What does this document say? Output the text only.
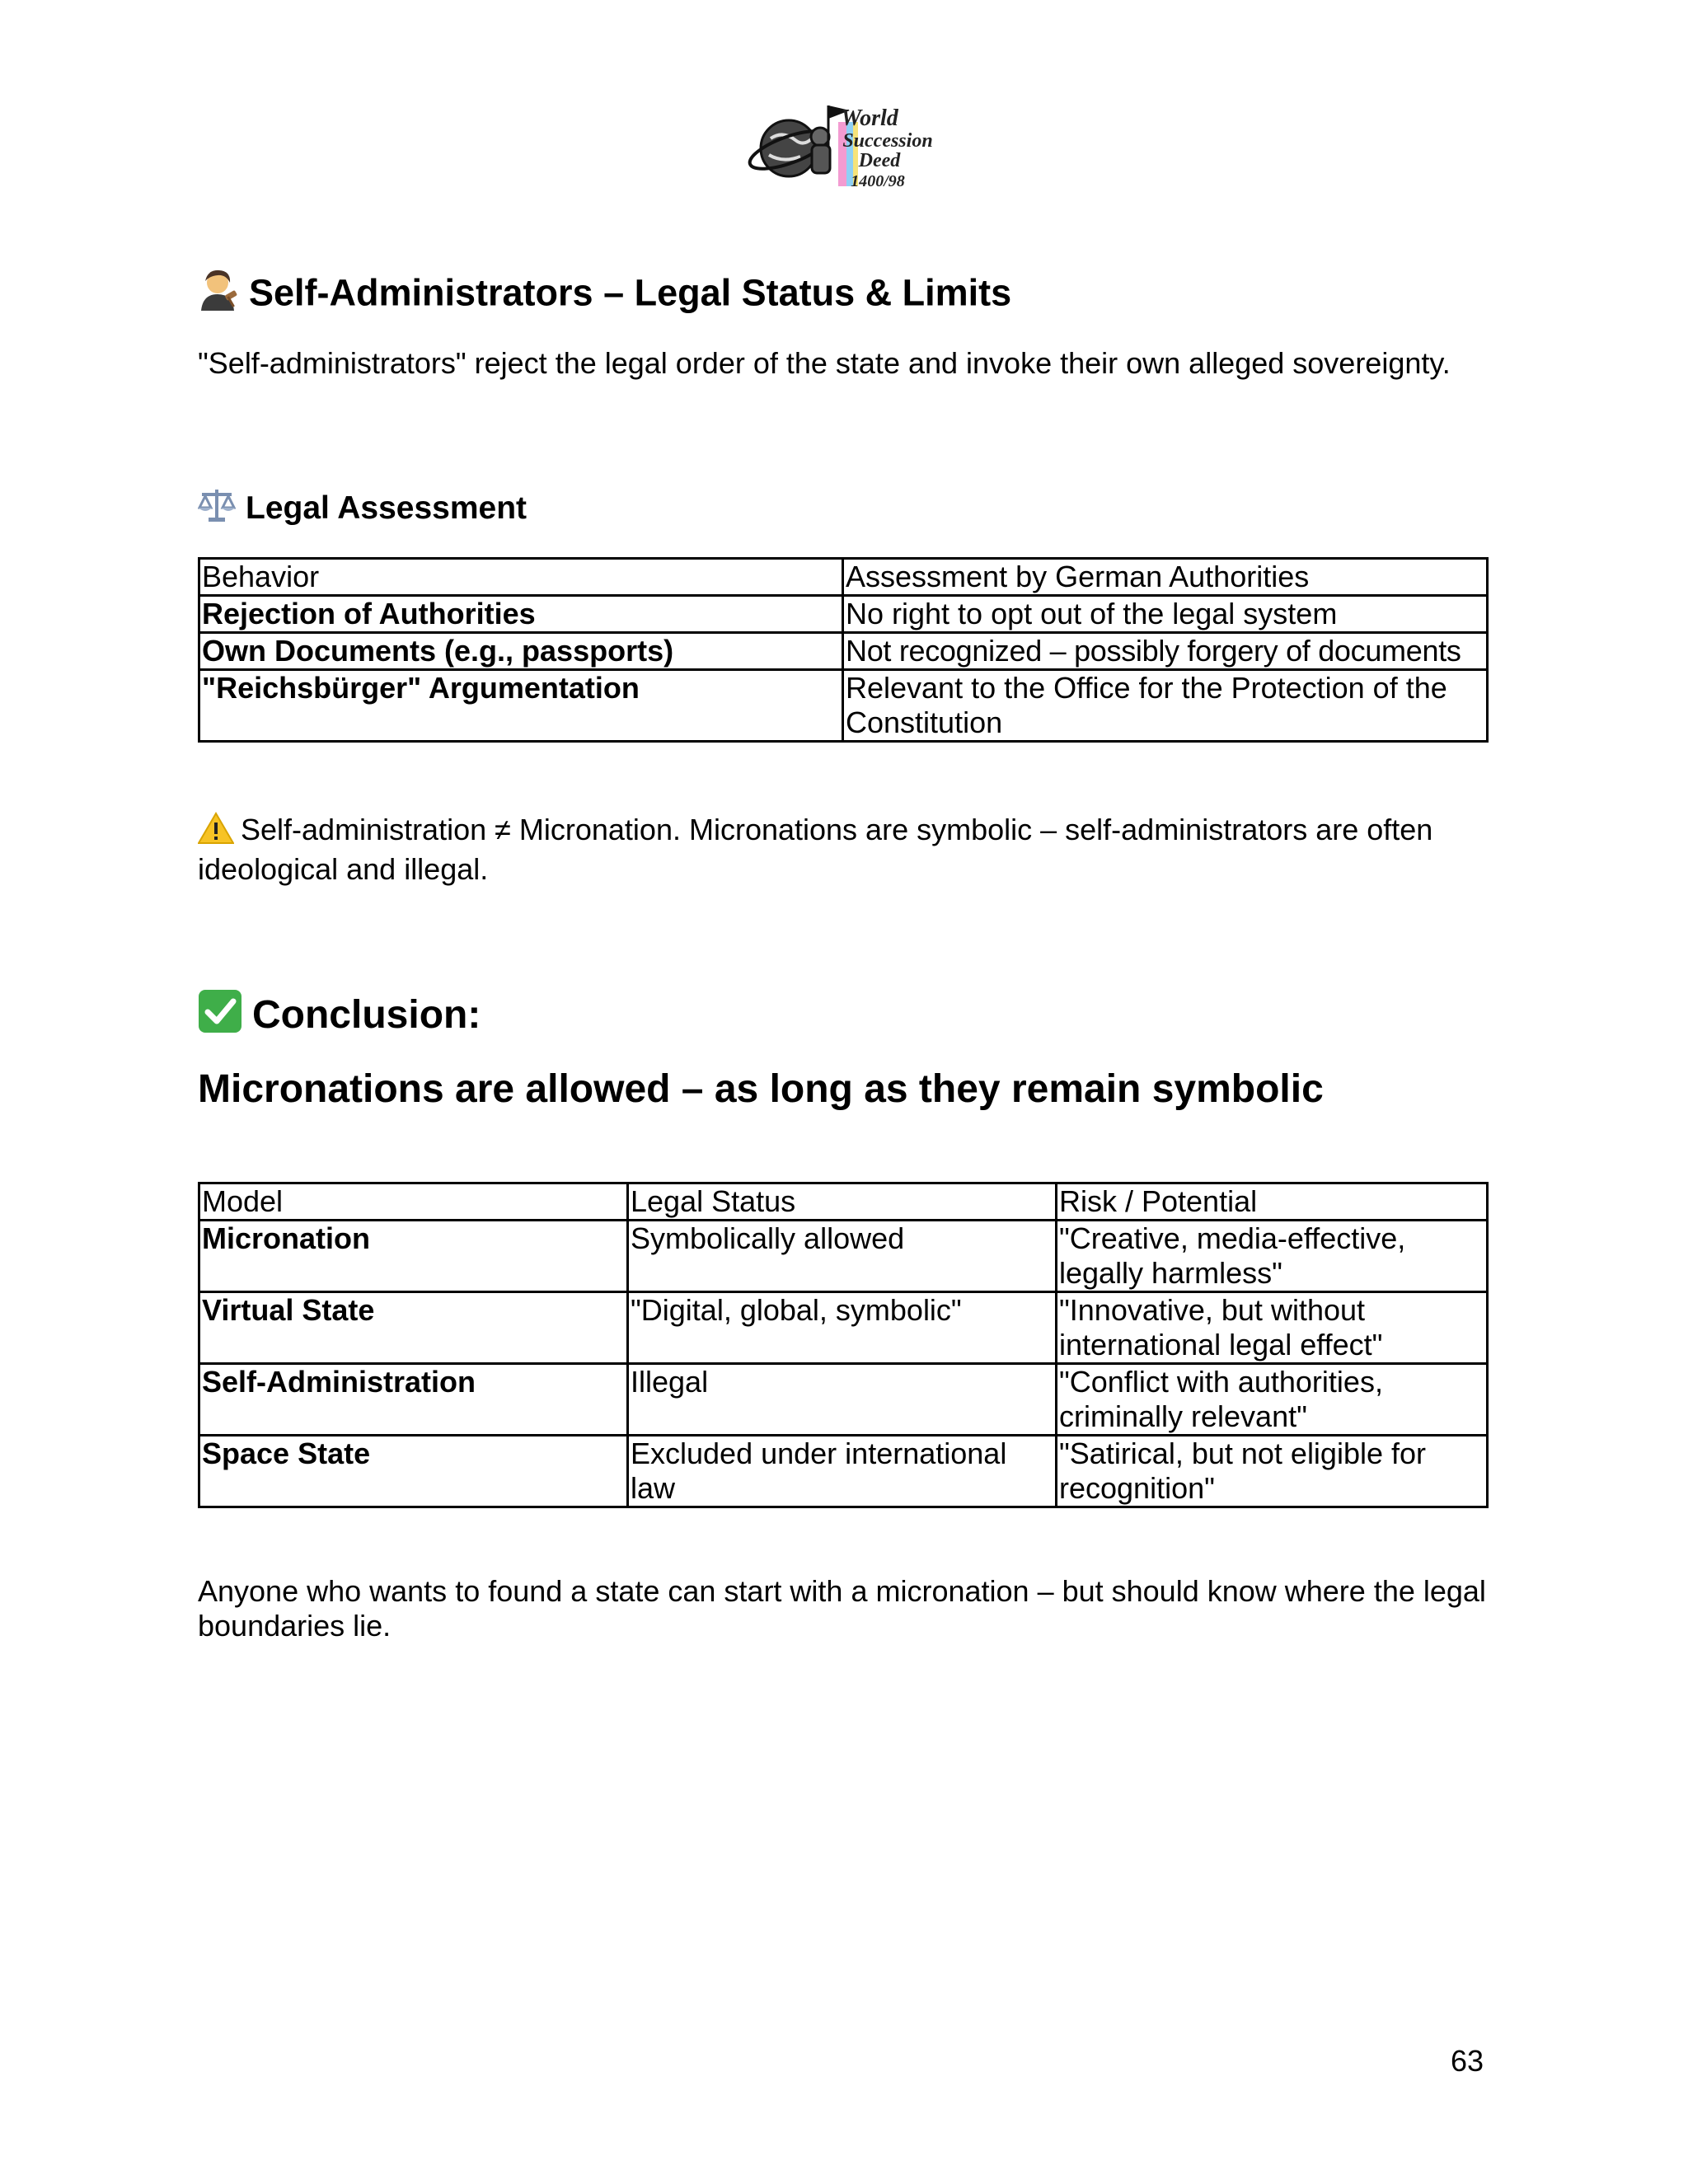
World
Succession
Deed
1400/98
Self-Administrators – Legal Status & Limits

"Self-administrators" reject the legal order of the state and invoke their own alleged sovereignty.

Legal Assessment
Behavior	Assessment by German Authorities
Rejection of Authorities	No right to opt out of the legal system
Own Documents (e.g., passports)	Not recognized – possibly forgery of documents
"Reichsbürger" Argumentation	Relevant to the Office for the Protection of the Constitution

Self-administration ≠ Micronation. Micronations are symbolic – self-administrators are often ideological and illegal.

Conclusion:
Micronations are allowed – as long as they remain symbolic
Model	Legal Status	Risk / Potential
Micronation	Symbolically allowed	"Creative, media-effective, legally harmless"
Virtual State	"Digital, global, symbolic"	"Innovative, but without international legal effect"
Self-Administration	Illegal	"Conflict with authorities, criminally relevant"
Space State	Excluded under international law	"Satirical, but not eligible for recognition"

Anyone who wants to found a state can start with a micronation – but should know where the legal boundaries lie.

63
